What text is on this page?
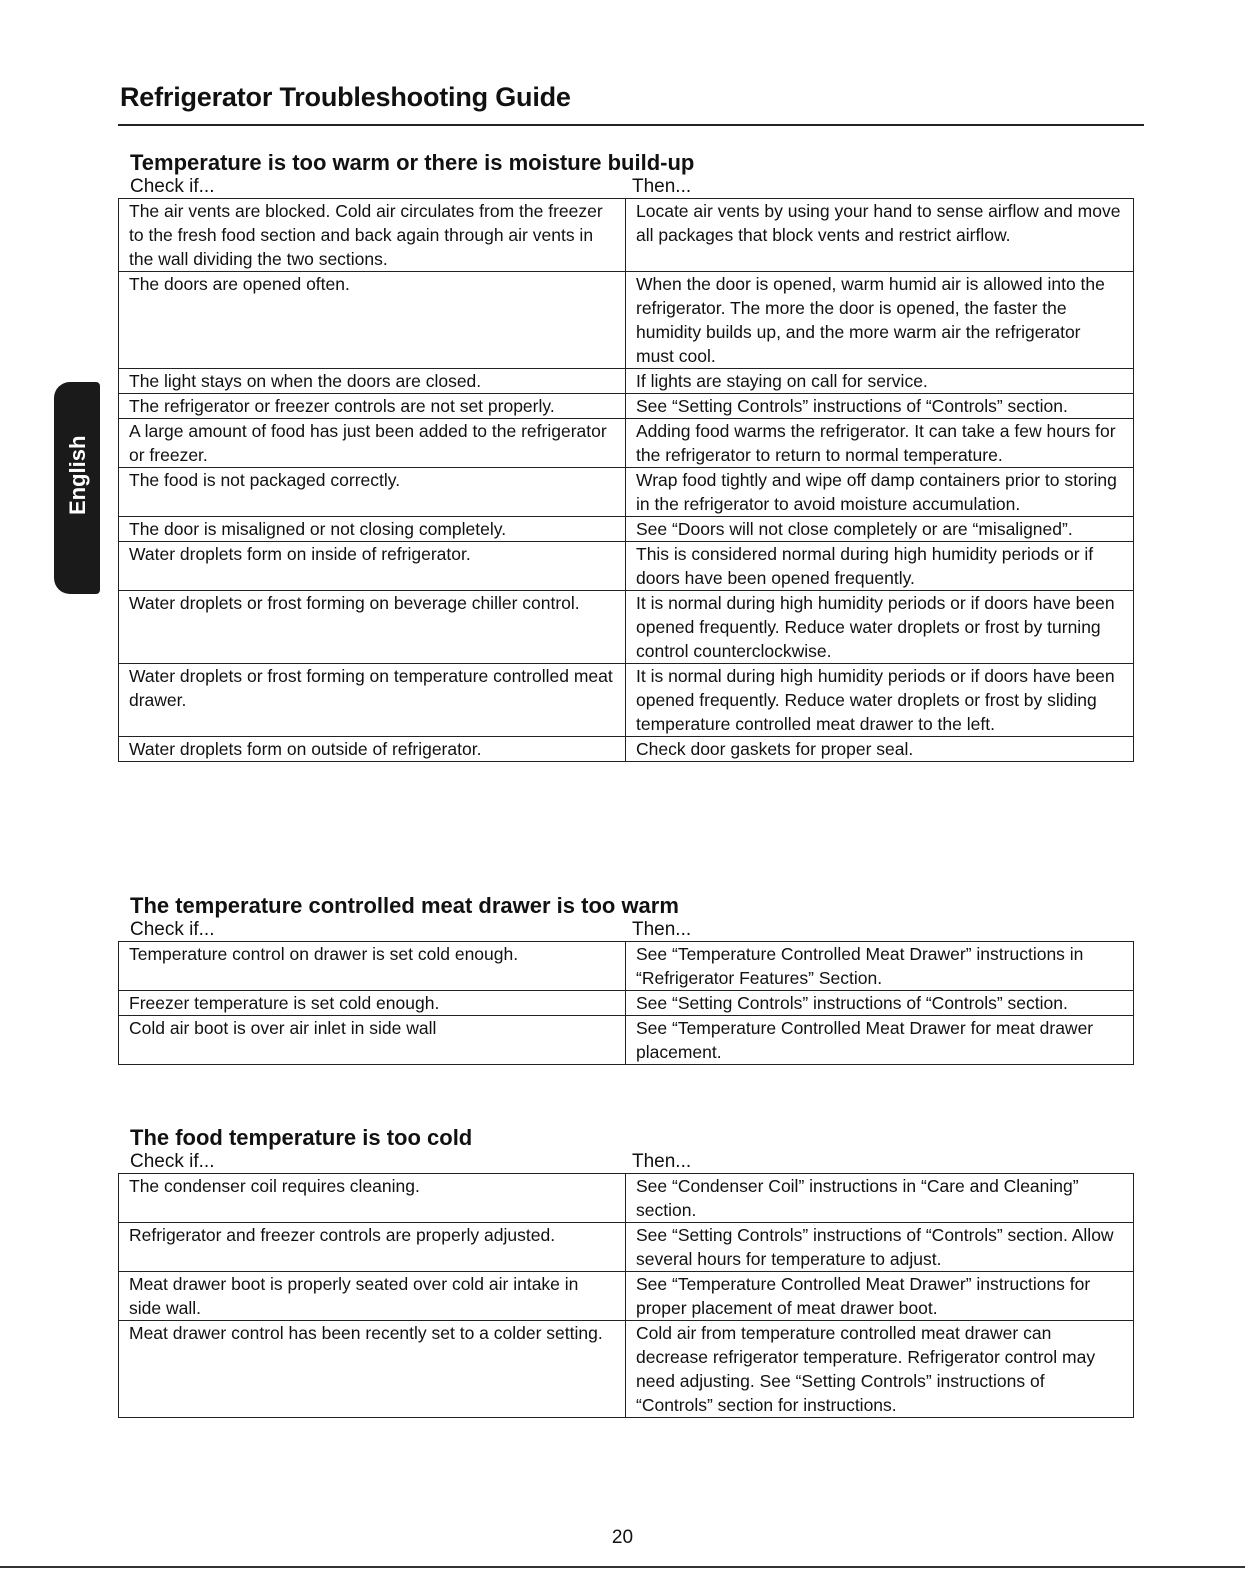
Refrigerator Troubleshooting Guide
English
Temperature is too warm or there is moisture build-up
Check if...	Then...
The air vents are blocked. Cold air circulates from the freezer to the fresh food section and back again through air vents in the wall dividing the two sections.	Locate air vents by using your hand to sense airflow and move all packages that block vents and restrict airflow.
The doors are opened often.	When the door is opened, warm humid air is allowed into the refrigerator. The more the door is opened, the faster the humidity builds up, and the more warm air the refrigerator must cool.
The light stays on when the doors are closed.	If lights are staying on call for service.
The refrigerator or freezer controls are not set properly.	See “Setting Controls” instructions of “Controls” section.
A large amount of food has just been added to the refrigerator or freezer.	Adding food warms the refrigerator. It can take a few hours for the refrigerator to return to normal temperature.
The food is not packaged correctly.	Wrap food tightly and wipe off damp containers prior to storing in the refrigerator to avoid moisture accumulation.
The door is misaligned or not closing completely.	See “Doors will not close completely or are “misaligned”.
Water droplets form on inside of refrigerator.	This is considered normal during high humidity periods or if doors have been opened frequently.
Water droplets or frost forming on beverage chiller control.	It is normal during high humidity periods or if doors have been opened frequently. Reduce water droplets or frost by turning control counterclockwise.
Water droplets or frost forming on temperature controlled meat drawer.	It is normal during high humidity periods or if doors have been opened frequently. Reduce water droplets or frost by sliding temperature controlled meat drawer to the left.
Water droplets form on outside of refrigerator.	Check door gaskets for proper seal.
The temperature controlled meat drawer is too warm
Check if...	Then...
Temperature control on drawer is set cold enough.	See “Temperature Controlled Meat Drawer” instructions in “Refrigerator Features” Section.
Freezer temperature is set cold enough.	See “Setting Controls” instructions of “Controls” section.
Cold air boot is over air inlet in side wall	See “Temperature Controlled Meat Drawer for meat drawer placement.
The food temperature is too cold
Check if...	Then...
The condenser coil requires cleaning.	See “Condenser Coil” instructions in “Care and Cleaning” section.
Refrigerator and freezer controls are properly adjusted.	See “Setting Controls” instructions of “Controls” section. Allow several hours for temperature to adjust.
Meat drawer boot is properly seated over cold air intake in side wall.	See “Temperature Controlled Meat Drawer” instructions for proper placement of meat drawer boot.
Meat drawer control has been recently set to a colder setting.	Cold air from temperature controlled meat drawer can decrease refrigerator temperature. Refrigerator control may need adjusting. See “Setting Controls” instructions of “Controls” section for instructions.
20
